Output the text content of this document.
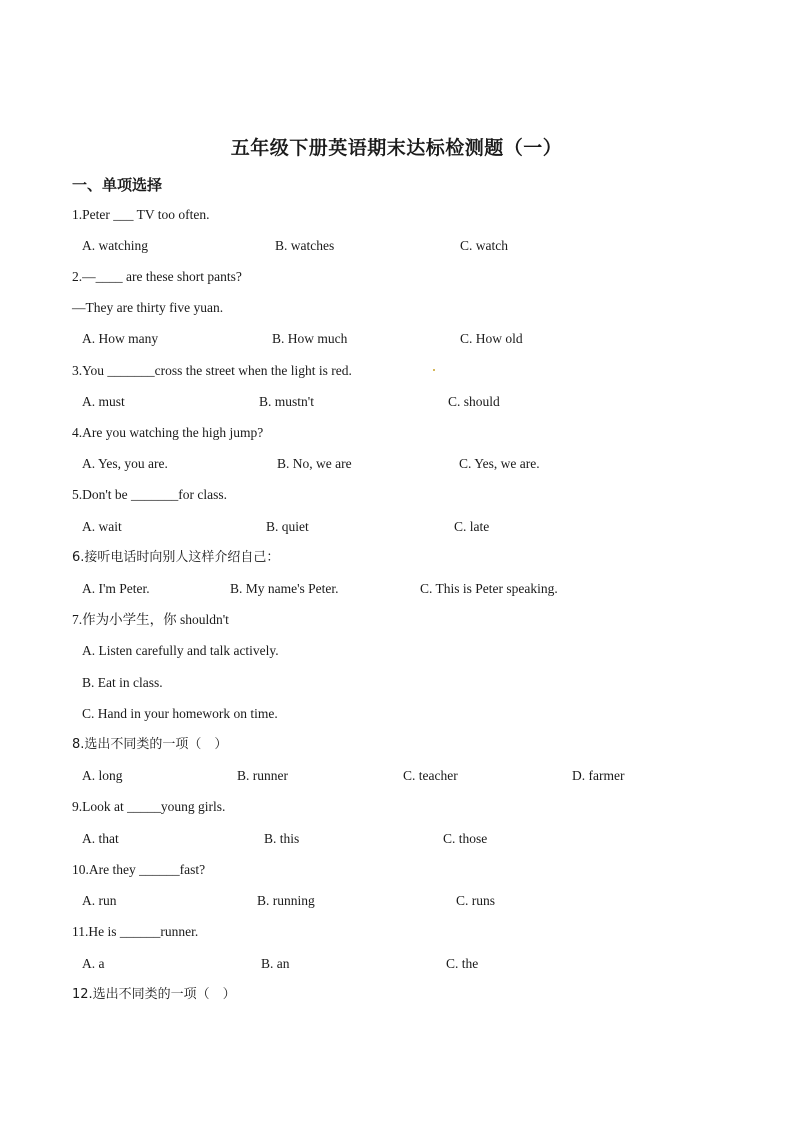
五年级下册英语期末达标检测题（一）
一、单项选择
1.Peter ___ TV too often.
A. watching	B. watches	C. watch
2.—____ are these short pants?
—They are thirty five yuan.
A. How many	B. How much	C. How old
3.You _______cross the street when the light is red.
A. must	B. mustn't	C. should
4.Are you watching the high jump?
A. Yes, you are.	B. No, we are	C. Yes, we are.
5.Don't be _______for class.
A. wait	B. quiet	C. late
6.接听电话时向别人这样介绍自己：
A. I'm Peter.	B. My name's Peter.	C. This is Peter speaking.
7.作为小学生，你 shouldn't
A. Listen carefully and talk actively.
B. Eat in class.
C. Hand in your homework on time.
8.选出不同类的一项（　）
A. long	B. runner	C. teacher	D. farmer
9.Look at _____young girls.
A. that	B. this	C. those
10.Are they ______fast?
A. run	B. running	C. runs
11.He is ______runner.
A. a	B. an	C. the
12.选出不同类的一项（　）
